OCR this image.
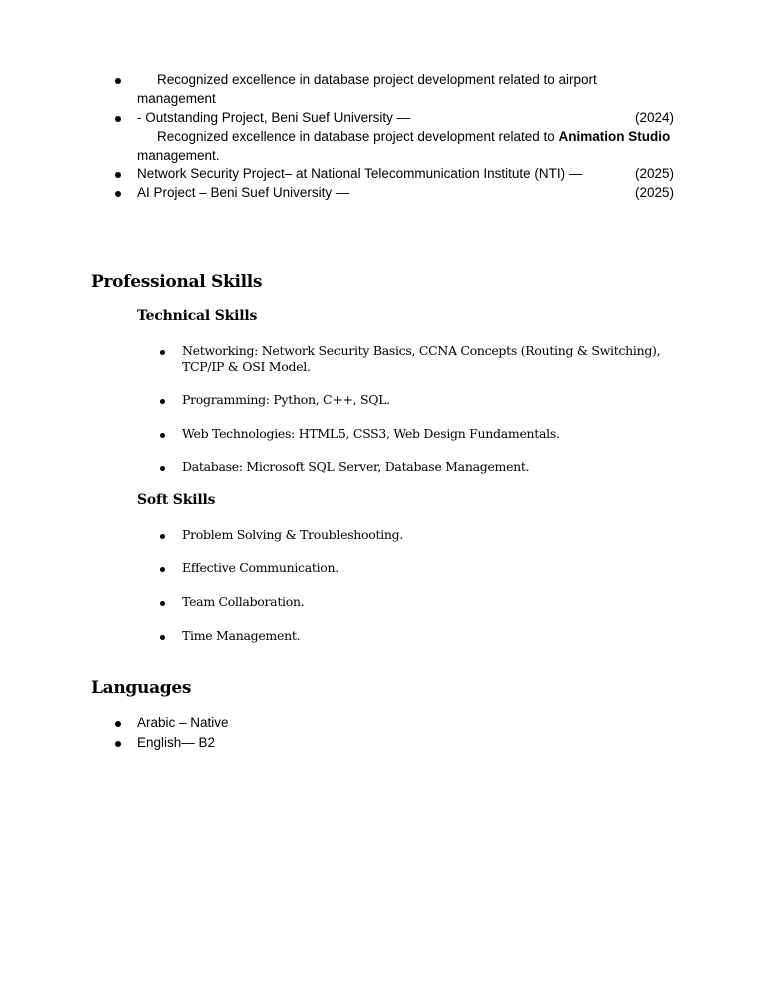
Recognized excellence in database project development related to airport
management
- Outstanding Project, Beni Suef University —	(2024)
Recognized excellence in database project development related to Animation Studio
management.
Network Security Project– at National Telecommunication Institute (NTI) —	(2025)
AI Project – Beni Suef University —	(2025)
Professional Skills
Technical Skills
Networking: Network Security Basics, CCNA Concepts (Routing & Switching),
TCP/IP & OSI Model.
Programming: Python, C++, SQL.
Web Technologies: HTML5, CSS3, Web Design Fundamentals.
Database: Microsoft SQL Server, Database Management.
Soft Skills
Problem Solving & Troubleshooting.
Effective Communication.
Team Collaboration.
Time Management.
Languages
Arabic – Native
English— B2
